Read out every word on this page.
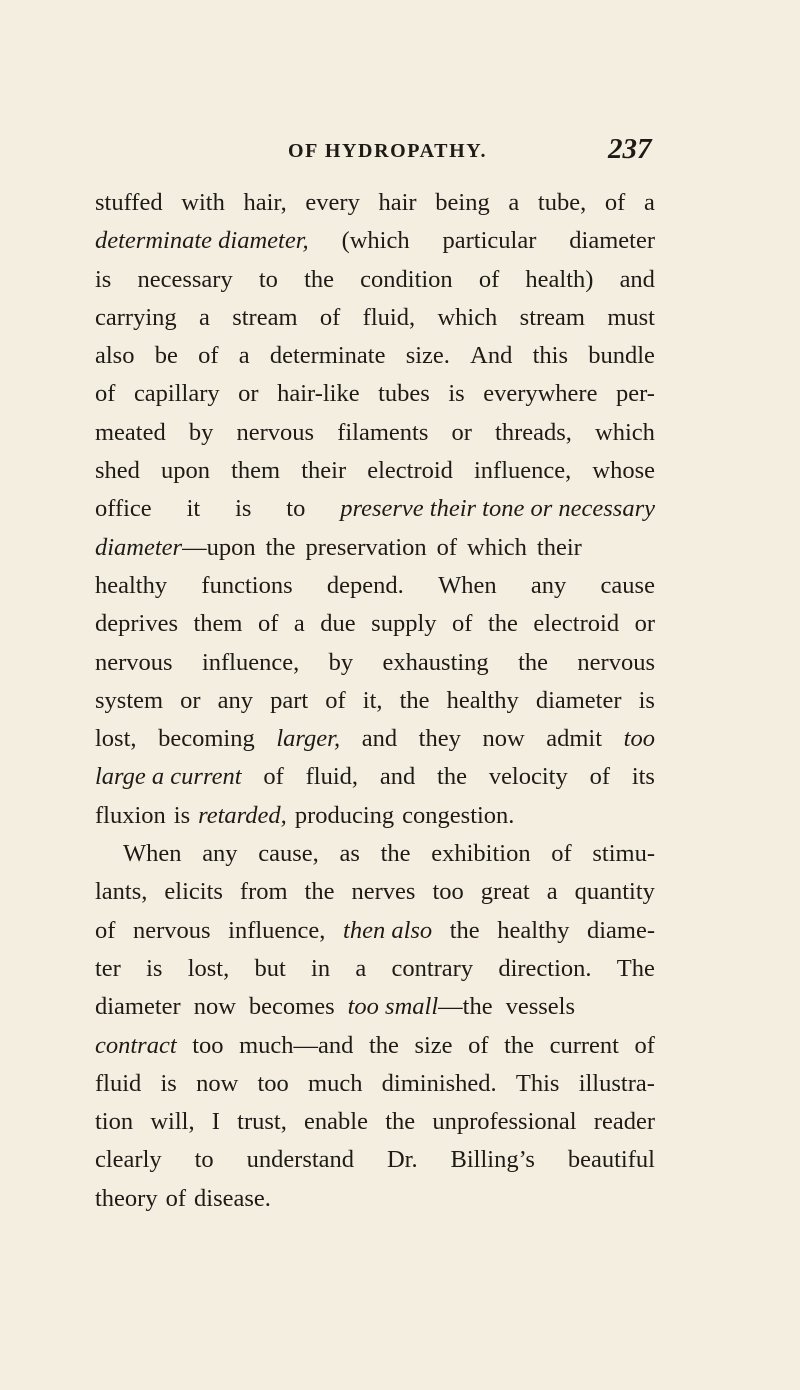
OF HYDROPATHY.	237
stuffed with hair, every hair being a tube, of a
determinate diameter, (which particular diameter
is necessary to the condition of health) and
carrying a stream of fluid, which stream must
also be of a determinate size. And this bundle
of capillary or hair-like tubes is everywhere per-
meated by nervous filaments or threads, which
shed upon them their electroid influence, whose
office it is to preserve their tone or necessary
diameter —upon the preservation of which their
healthy functions depend. When any cause
deprives them of a due supply of the electroid or
nervous influence, by exhausting the nervous
system or any part of it, the healthy diameter is
lost, becoming larger, and they now admit too
large a current of fluid, and the velocity of its
fluxion is retarded, producing congestion.
When any cause, as the exhibition of stimu-
lants, elicits from the nerves too great a quantity
of nervous influence, then also the healthy diame-
ter is lost, but in a contrary direction. The
diameter now becomes too small —the vessels
contract too much—and the size of the current of
fluid is now too much diminished. This illustra-
tion will, I trust, enable the unprofessional reader
clearly to understand Dr. Billing’s beautiful
theory of disease.
